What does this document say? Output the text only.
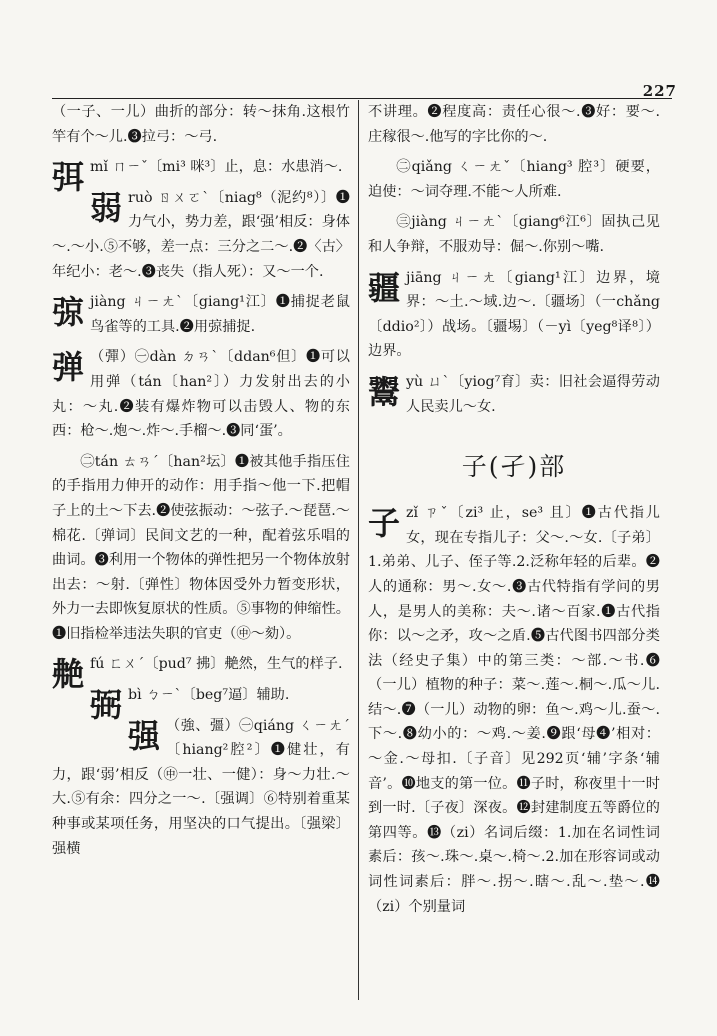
227

（一子、一儿）曲折的部分：转～抹角.这根竹竿有个～儿.❸拉弓：～弓.

弭mǐ ㄇㄧˇ〔mi³ 咪³〕止，息：水患消～.

弱ruò ㄖㄨㄛˋ〔niag⁸（泥约⁸）〕❶力气小，势力差，跟‘强’相反：身体～.～小.⑤不够，差一点：三分之二～.❷〈古〉年纪小：老～.❸丧失（指人死）：又～一个.

弶jiàng ㄐㄧㄤˋ〔giang¹江〕❶捕捉老鼠鸟雀等的工具.❷用弶捕捉.

弹 （彈）㊀dàn ㄉㄢˋ〔ddan⁶但〕❶可以用弹（tán〔han²〕）力发射出去的小丸：～丸.❷装有爆炸物可以击毁人、物的东西：枪～.炮～.炸～.手榴～.❸同‘蛋’。

㊁tán ㄊㄢˊ〔han²坛〕❶被其他手指压住的手指用力伸开的动作：用手指～他一下.把帽子上的土～下去.❷使弦振动：～弦子.～琵琶.～棉花.〔弹词〕民间文艺的一种，配着弦乐唱的曲词。❸利用一个物体的弹性把另一个物体放射出去：～射.〔弹性〕物体因受外力暂变形状，外力一去即恢复原状的性质。⑤事物的伸缩性。❶旧指检举违法失职的官吏（㊥～劾）。

艴fú ㄈㄨˊ〔pud⁷ 拂〕艴然，生气的样子.

弼bì ㄅㄧˋ〔beg⁷逼〕辅助.

强 （強、彊）㊀qiáng ㄑㄧㄤˊ〔hiang²腔²〕❶健壮，有力，跟‘弱’相反（㊥一壮、一健）：身～力壮.～大.⑤有余：四分之一～.〔强调〕⑥特别着重某种事或某项任务，用坚决的口气提出。〔强梁〕强横

不讲理。❷程度高：责任心很～.❸好：要～.庄稼很～.他写的字比你的～.

㊁qiǎng ㄑㄧㄤˇ〔hiang³ 腔³〕硬要，迫使：～词夺理.不能～人所难.

㊂jiàng ㄐㄧㄤˋ〔giang⁶江⁶〕固执己见和人争辩，不服劝导：倔～.你别～嘴.

疆jiāng ㄐㄧㄤ〔giang¹江〕边界，境界：～土.～域.边～.〔疆场〕（一chǎng〔ddio²〕）战场。〔疆埸〕（－yì〔yeg⁸译⁸〕）边界。

鬻yù ㄩˋ〔yiog⁷育〕卖：旧社会逼得劳动人民卖儿～女.

子(孑)部

子zǐ ㄗˇ〔zi³ 止，se³ 且〕❶古代指儿女，现在专指儿子：父～.～女.〔子弟〕1.弟弟、儿子、侄子等.2.泛称年轻的后辈。❷人的通称：男～.女～.❸古代特指有学问的男人，是男人的美称：夫～.诸～百家.❶古代指你：以～之矛，攻～之盾.❺古代图书四部分类法（经史子集）中的第三类：～部.～书.❻（一儿）植物的种子：菜～.莲～.桐～.瓜～儿.结～.❼（一儿）动物的卵：鱼～.鸡～儿.蚕～.下～.❽幼小的：～鸡.～姜.❾跟‘母❹’相对：～金.～母扣.〔子音〕见292页‘辅’字条‘辅音’。❿地支的第一位。⓫子时，称夜里十一时到一时.〔子夜〕深夜。⓬封建制度五等爵位的第四等。⓭（zi）名词后缀：1.加在名词性词素后：孩～.珠～.桌～.椅～.2.加在形容词或动词性词素后：胖～.拐～.瞎～.乱～.垫～.⓮（zi）个别量词
